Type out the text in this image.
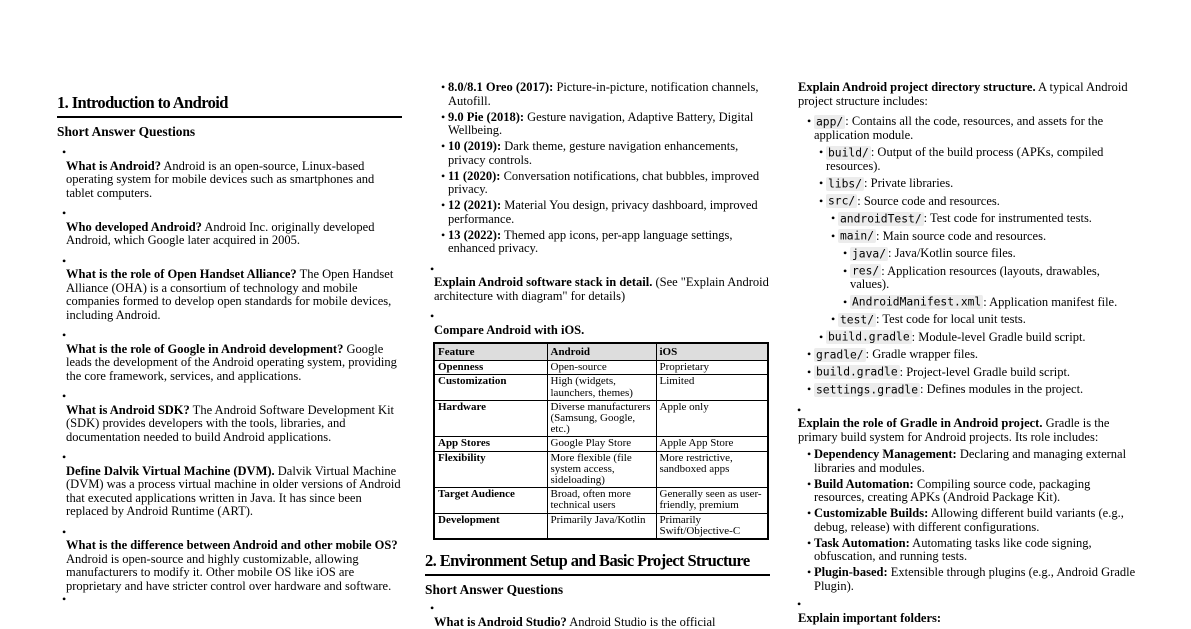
1. Introduction to Android
Short Answer Questions
•

What is Android? Android is an open-source, Linux-based operating system for mobile devices such as smartphones and tablet computers.

•

Who developed Android? Android Inc. originally developed Android, which Google later acquired in 2005.

•

What is the role of Open Handset Alliance? The Open Handset Alliance (OHA) is a consortium of technology and mobile companies formed to develop open standards for mobile devices, including Android.

•

What is the role of Google in Android development? Google leads the development of the Android operating system, providing the core framework, services, and applications.

•

What is Android SDK? The Android Software Development Kit (SDK) provides developers with the tools, libraries, and documentation needed to build Android applications.

•

Define Dalvik Virtual Machine (DVM). Dalvik Virtual Machine (DVM) was a process virtual machine in older versions of Android that executed applications written in Java. It has since been replaced by Android Runtime (ART).

•

What is the difference between Android and other mobile OS? Android is open-source and highly customizable, allowing manufacturers to modify it. Other mobile OS like iOS are proprietary and have stricter control over hardware and software.

•
• 8.0/8.1 Oreo (2017): Picture-in-picture, notification channels, Autofill.
• 9.0 Pie (2018): Gesture navigation, Adaptive Battery, Digital Wellbeing.
• 10 (2019): Dark theme, gesture navigation enhancements, privacy controls.
• 11 (2020): Conversation notifications, chat bubbles, improved privacy.
• 12 (2021): Material You design, privacy dashboard, improved performance.
• 13 (2022): Themed app icons, per-app language settings, enhanced privacy.
•

Explain Android software stack in detail. (See "Explain Android architecture with diagram" for details)

•

Compare Android with iOS.

Feature	Android	iOS
Openness	Open-source	Proprietary
Customization	High (widgets, launchers, themes)	Limited
Hardware	Diverse manufacturers (Samsung, Google, etc.)	Apple only
App Stores	Google Play Store	Apple App Store
Flexibility	More flexible (file system access, sideloading)	More restrictive, sandboxed apps
Target Audience	Broad, often more technical users	Generally seen as user-friendly, premium
Development	Primarily Java/Kotlin	Primarily Swift/Objective-C
2. Environment Setup and Basic Project Structure
Short Answer Questions
•

What is Android Studio? Android Studio is the official

Explain Android project directory structure. A typical Android project structure includes:

• app/ : Contains all the code, resources, and assets for the application module.
• build/ : Output of the build process (APKs, compiled resources).
• libs/ : Private libraries.
• src/ : Source code and resources.
• androidTest/ : Test code for instrumented tests.
• main/ : Main source code and resources.
• java/ : Java/Kotlin source files.
• res/ : Application resources (layouts, drawables, values).
• AndroidManifest.xml : Application manifest file.
• test/ : Test code for local unit tests.
• build.gradle : Module-level Gradle build script.
• gradle/ : Gradle wrapper files.
• build.gradle : Project-level Gradle build script.
• settings.gradle : Defines modules in the project.
•

Explain the role of Gradle in Android project. Gradle is the primary build system for Android projects. Its role includes:

• Dependency Management: Declaring and managing external libraries and modules.
• Build Automation: Compiling source code, packaging resources, creating APKs (Android Package Kit).
• Customizable Builds: Allowing different build variants (e.g., debug, release) with different configurations.
• Task Automation: Automating tasks like code signing, obfuscation, and running tests.
• Plugin-based: Extensible through plugins (e.g., Android Gradle Plugin).
•

Explain important folders:
